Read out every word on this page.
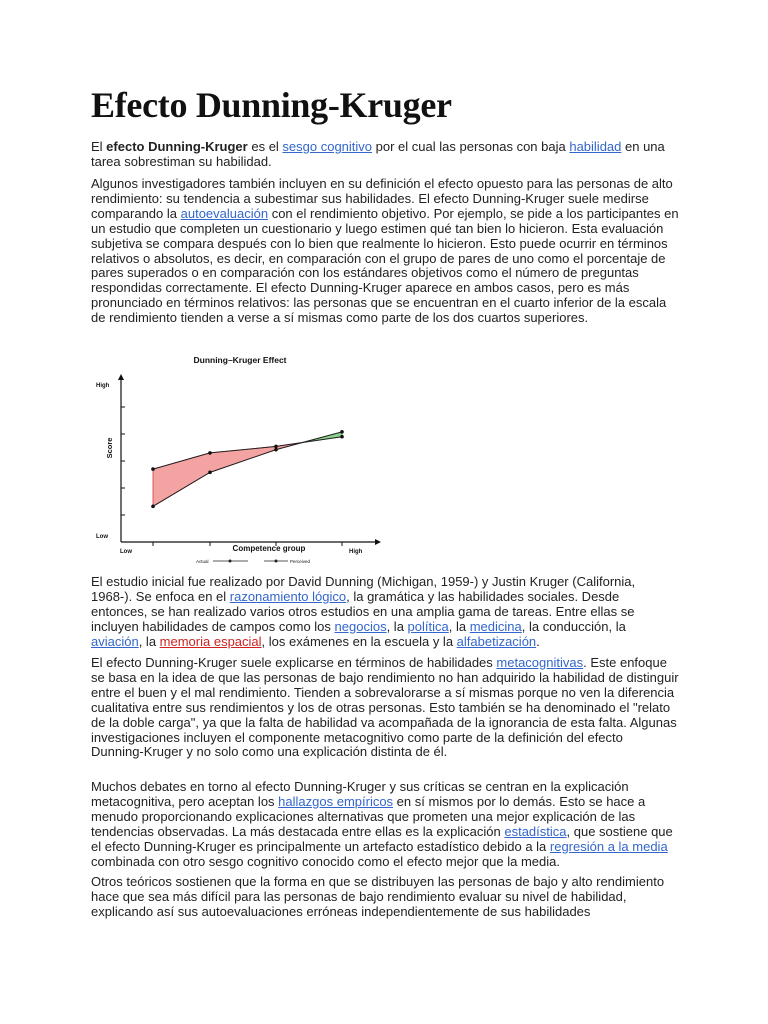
Efecto Dunning-Kruger

El efecto Dunning-Kruger es el sesgo cognitivo por el cual las personas con baja habilidad en una tarea sobrestiman su habilidad.

Algunos investigadores también incluyen en su definición el efecto opuesto para las personas de alto rendimiento: su tendencia a subestimar sus habilidades. El efecto Dunning-Kruger suele medirse comparando la autoevaluación con el rendimiento objetivo. Por ejemplo, se pide a los participantes en un estudio que completen un cuestionario y luego estimen qué tan bien lo hicieron. Esta evaluación subjetiva se compara después con lo bien que realmente lo hicieron. Esto puede ocurrir en términos relativos o absolutos, es decir, en comparación con el grupo de pares de uno como el porcentaje de pares superados o en comparación con los estándares objetivos como el número de preguntas respondidas correctamente. El efecto Dunning-Kruger aparece en ambos casos, pero es más pronunciado en términos relativos: las personas que se encuentran en el cuarto inferior de la escala de rendimiento tienden a verse a sí mismas como parte de los dos cuartos superiores.

Dunning–Kruger Effect
High
Low
Score
Low	High
Competence group
Actual	Perceived

El estudio inicial fue realizado por David Dunning (Michigan, 1959-) y Justin Kruger (California, 1968-). Se enfoca en el razonamiento lógico, la gramática y las habilidades sociales. Desde entonces, se han realizado varios otros estudios en una amplia gama de tareas. Entre ellas se incluyen habilidades de campos como los negocios, la política, la medicina, la conducción, la aviación, la memoria espacial, los exámenes en la escuela y la alfabetización.

El efecto Dunning-Kruger suele explicarse en términos de habilidades metacognitivas. Este enfoque se basa en la idea de que las personas de bajo rendimiento no han adquirido la habilidad de distinguir entre el buen y el mal rendimiento. Tienden a sobrevalorarse a sí mismas porque no ven la diferencia cualitativa entre sus rendimientos y los de otras personas. Esto también se ha denominado el "relato de la doble carga", ya que la falta de habilidad va acompañada de la ignorancia de esta falta. Algunas investigaciones incluyen el componente metacognitivo como parte de la definición del efecto Dunning-Kruger y no solo como una explicación distinta de él.

Muchos debates en torno al efecto Dunning-Kruger y sus críticas se centran en la explicación metacognitiva, pero aceptan los hallazgos empíricos en sí mismos por lo demás. Esto se hace a menudo proporcionando explicaciones alternativas que prometen una mejor explicación de las tendencias observadas. La más destacada entre ellas es la explicación estadística, que sostiene que el efecto Dunning-Kruger es principalmente un artefacto estadístico debido a la regresión a la media combinada con otro sesgo cognitivo conocido como el efecto mejor que la media.

Otros teóricos sostienen que la forma en que se distribuyen las personas de bajo y alto rendimiento hace que sea más difícil para las personas de bajo rendimiento evaluar su nivel de habilidad, explicando así sus autoevaluaciones erróneas independientemente de sus habilidades
